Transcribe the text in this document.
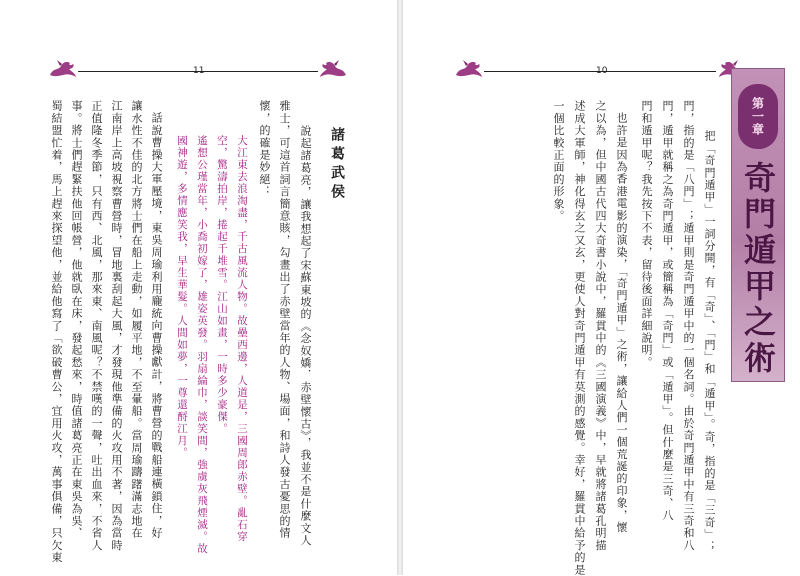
11
諸葛武侯
說起諸葛亮，讓我想起了宋蘇東坡的《念奴嬌．赤壁懷古》，我並不是什麼文人
雅士，可這首詞言簡意賅，勾畫出了赤壁當年的人物、場面，和詩人發古憂思的情
懷，的確是妙絕：
大江東去浪淘盡，千古風流人物。故壘西邊，人道是，三國周郎赤壁。亂石穿
空，驚濤拍岸，捲起千堆雪。江山如畫，一時多少豪傑。
遙想公瑾當年，小喬初嫁了，雄姿英發。羽扇綸巾，談笑間，強虜灰飛煙滅。故
國神遊，多情應笑我，早生華髮。人間如夢，一尊還酹江月。
話說曹操大軍壓境，東吳周瑜利用龐統向曹操獻計，將曹營的戰船連橫鎖住，好
讓水性不佳的北方將士們在船上走動，如履平地，不至暈船。當周瑜躊躇滿志地在
江南岸上高坡視察曹營時，冒地裏刮起大風，才發現他準備的火攻用不著，因為當時
正值隆冬季節，只有西、北風，那來東、南風呢？不禁嘆的一聲，吐出血來，不省人
事。將士們趕緊扶他回帳營，他就臥在床，發起愁來，時值諸葛亮正在東吳為吳、
蜀結盟忙着，馬上趕來探望他，並給他寫了「欲破曹公，宜用火攻，萬事俱備，只欠東
10
第一章
奇門遁甲之術
把「奇門遁甲」一詞分開，有「奇」、「門」和「遁甲」。奇，指的是「三奇」；
門，指的是「八門」；遁甲則是奇門遁甲中的一個名詞。由於奇門遁甲中有三奇和八
門，遁甲就稱之為奇門遁甲，或簡稱為「奇門」或「遁甲」。但什麼是三奇、八
門和遁甲呢？我先按下不表，留待後面詳細說明。
也許是因為香港電影的演染，「奇門遁甲」之術，讓給人們一個荒誕的印象，懷
之以為，但中國古代四大奇書小說中，羅貫中的《三國演義》中，早就將諸葛孔明描
述成大軍師，神化得玄之又玄，更使人對奇門遁甲有莫測的感覺。幸好，羅貫中給予的是
一個比較正面的形象。
